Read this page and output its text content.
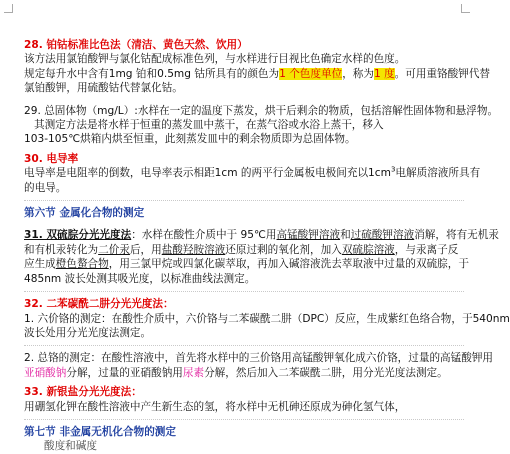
28. 铂钴标准比色法（清洁、黄色天然、饮用）
该方法用氯铂酸钾与氯化钴配成标准色列，与水样进行目视比色确定水样的色度。
规定每升水中含有1mg 铂和0.5mg 钴所具有的颜色为1 个色度单位，称为1 度。可用重铬酸钾代替
氯铂酸钾，用硫酸钴代替氯化钴。
29. 总固体物（mg/L）:水样在一定的温度下蒸发，烘干后剩余的物质，包括溶解性固体物和悬浮物。
其测定方法是将水样于恒重的蒸发皿中蒸干，在蒸气浴或水浴上蒸干，移入
103-105℃烘箱内烘至恒重，此刻蒸发皿中的剩余物质即为总固体物。
30. 电导率
电导率是电阻率的倒数，电导率表示相距1cm 的两平行金属板电极间充以$1cm^3$电解质溶液所具有
的电导。
第六节 金属化合物的测定
31. 双硫腙分光光度法：水样在酸性介质中于 95℃用高锰酸钾溶液和过硫酸钾溶液消解，将有无机汞
和有机汞转化为二价汞后，用盐酸羟胺溶液还原过剩的氧化剂，加入双硫腙溶液，与汞离子反
应生成橙色螯合物，用三氯甲烷或四氯化碳萃取，再加入碱溶液洗去萃取液中过量的双硫腙，于
485nm 波长处测其吸光度，以标准曲线法测定。
32. 二苯碳酰二肼分光光度法：
1. 六价铬的测定：在酸性介质中，六价铬与二苯碳酰二肼（DPC）反应，生成紫红色络合物，于540nm
波长处用分光光度法测定。
2. 总铬的测定：在酸性溶液中，首先将水样中的三价铬用高锰酸钾氧化成六价铬，过量的高锰酸钾用
亚硝酸钠分解，过量的亚硝酸钠用尿素分解，然后加入二苯碳酰二肼，用分光光度法测定。
33. 新银盐分光光度法：
用硼氢化钾在酸性溶液中产生新生态的氢，将水样中无机砷还原成为砷化氢气体，
第七节 非金属无机化合物的测定
酸度和碱度
